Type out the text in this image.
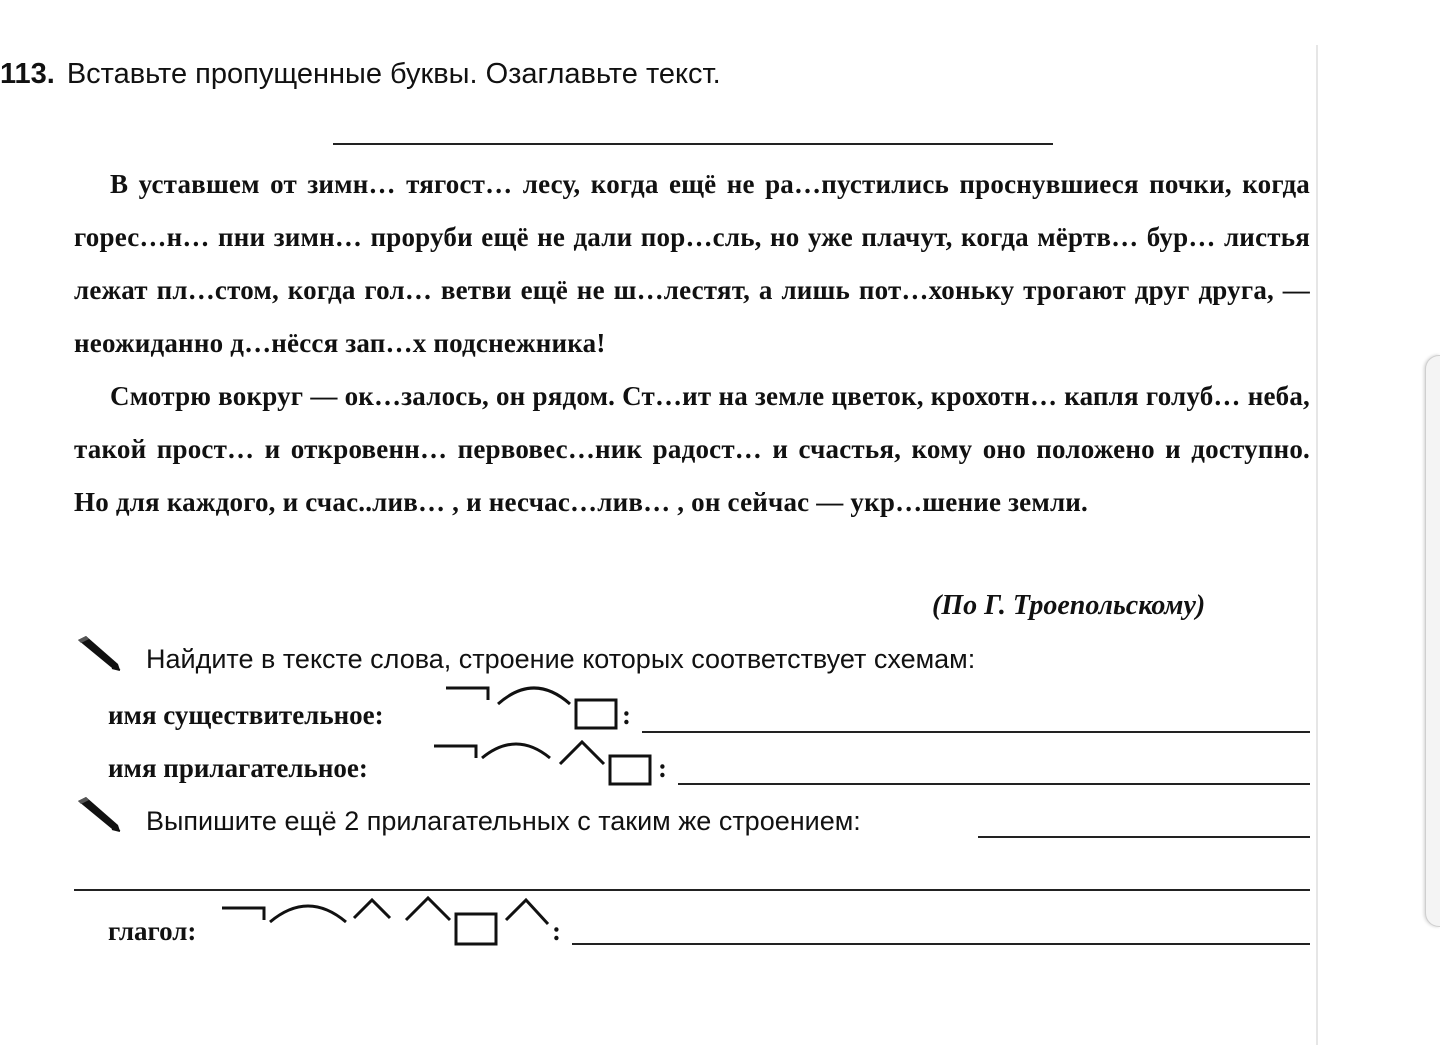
113. Вставьте пропущенные буквы. Озаглавьте текст.
В уставшем от зимн… тягост… лесу, когда ещё не ра…пустились проснувшиеся почки, когда горес…н… пни зимн… проруби ещё не дали пор…сль, но уже плачут, когда мёртв… бур… листья лежат пл…стом, когда гол… ветви ещё не ш…лестят, а лишь пот…хоньку трогают друг друга, — неожиданно д…нёсся зап…х подснежника!
Смотрю вокруг — ок…залось, он рядом. Ст…ит на земле цветок, крохотн… капля голуб… неба, такой прост… и откровенн… первовес…ник радост… и счастья, кому оно положено и доступно. Но для каждого, и счас..лив… , и несчас…лив… , он сейчас — укр…шение земли.
(По Г. Троепольскому)
Найдите в тексте слова, строение которых соответствует схемам:
имя существительное:	:
имя прилагательное:	:
Выпишите ещё 2 прилагательных с таким же строением:
глагол:	:
